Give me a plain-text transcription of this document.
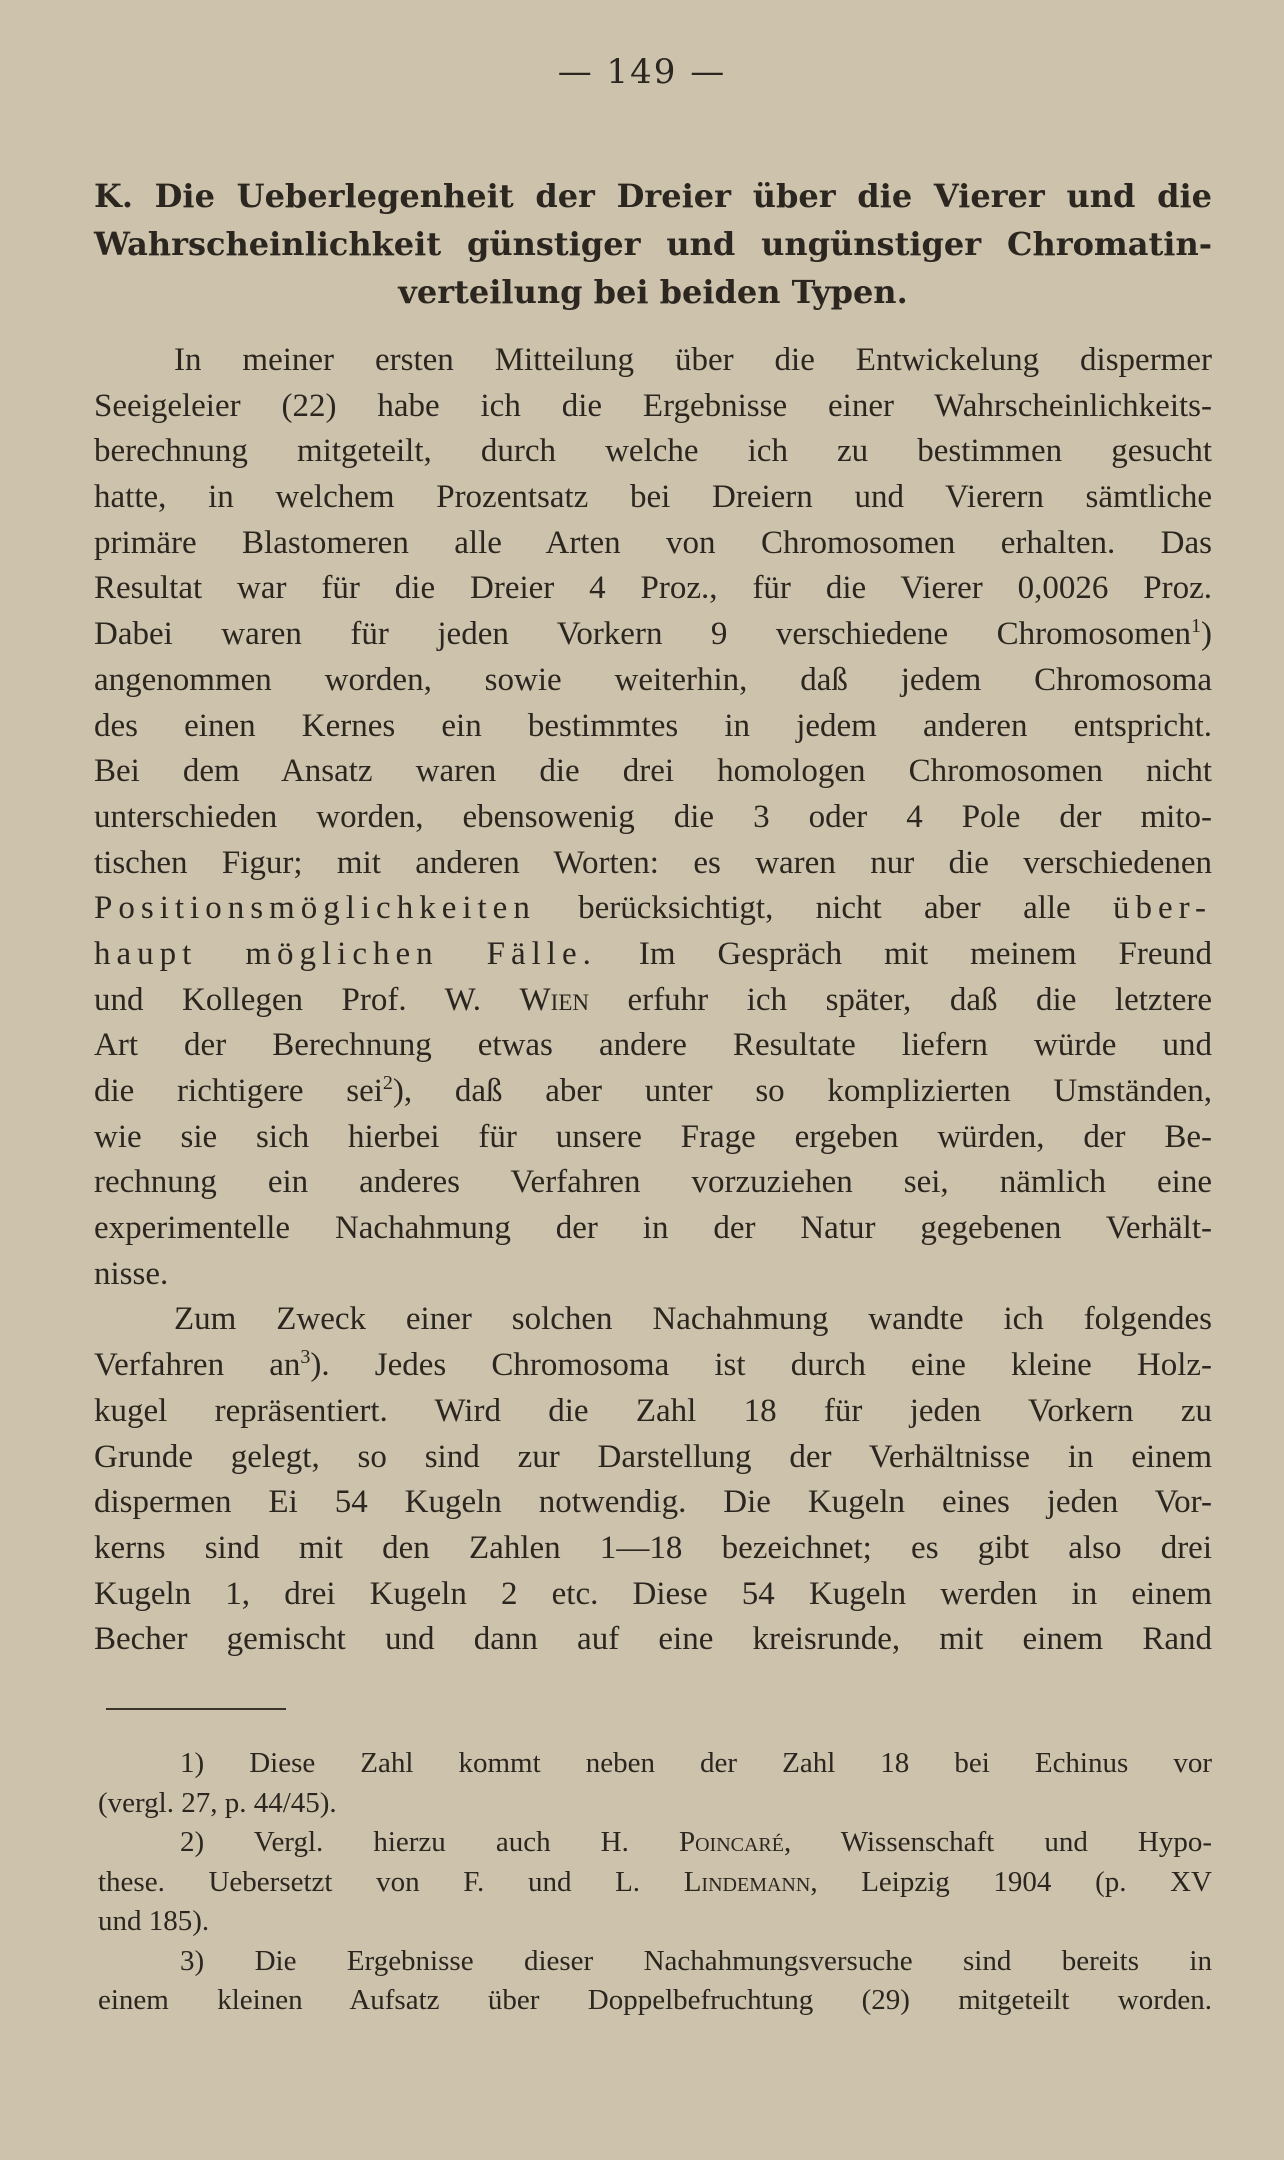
— 149 —
K. Die Ueberlegenheit der Dreier über die Vierer und die
Wahrscheinlichkeit günstiger und ungünstiger Chromatin-
verteilung bei beiden Typen.
In meiner ersten Mitteilung über die Entwickelung dispermer
Seeigeleier (22) habe ich die Ergebnisse einer Wahrscheinlichkeits-
berechnung mitgeteilt, durch welche ich zu bestimmen gesucht
hatte, in welchem Prozentsatz bei Dreiern und Vierern sämtliche
primäre Blastomeren alle Arten von Chromosomen erhalten. Das
Resultat war für die Dreier 4 Proz., für die Vierer 0,0026 Proz.
Dabei waren für jeden Vorkern 9 verschiedene Chromosomen$^1$)
angenommen worden, sowie weiterhin, daß jedem Chromosoma
des einen Kernes ein bestimmtes in jedem anderen entspricht.
Bei dem Ansatz waren die drei homologen Chromosomen nicht
unterschieden worden, ebensowenig die 3 oder 4 Pole der mito-
tischen Figur; mit anderen Worten: es waren nur die verschiedenen
Positionsmöglichkeiten berücksichtigt, nicht aber alle über-
haupt möglichen Fälle. Im Gespräch mit meinem Freund
und Kollegen Prof. W. Wien erfuhr ich später, daß die letztere
Art der Berechnung etwas andere Resultate liefern würde und
die richtigere sei$^2$), daß aber unter so komplizierten Umständen,
wie sie sich hierbei für unsere Frage ergeben würden, der Be-
rechnung ein anderes Verfahren vorzuziehen sei, nämlich eine
experimentelle Nachahmung der in der Natur gegebenen Verhält-
nisse.
Zum Zweck einer solchen Nachahmung wandte ich folgendes
Verfahren $an^3$). Jedes Chromosoma ist durch eine kleine Holz-
kugel repräsentiert. Wird die Zahl 18 für jeden Vorkern zu
Grunde gelegt, so sind zur Darstellung der Verhältnisse in einem
dispermen Ei 54 Kugeln notwendig. Die Kugeln eines jeden Vor-
kerns sind mit den Zahlen 1—18 bezeichnet; es gibt also drei
Kugeln 1, drei Kugeln 2 etc. Diese 54 Kugeln werden in einem
Becher gemischt und dann auf eine kreisrunde, mit einem Rand
1) Diese Zahl kommt neben der Zahl 18 bei Echinus vor
(vergl. 27, p. 44/45).
2) Vergl. hierzu auch H. Poincaré, Wissenschaft und Hypo-
these. Uebersetzt von F. und L. Lindemann, Leipzig 1904 (p. XV
und 185).
3) Die Ergebnisse dieser Nachahmungsversuche sind bereits in
einem kleinen Aufsatz über Doppelbefruchtung (29) mitgeteilt worden.
